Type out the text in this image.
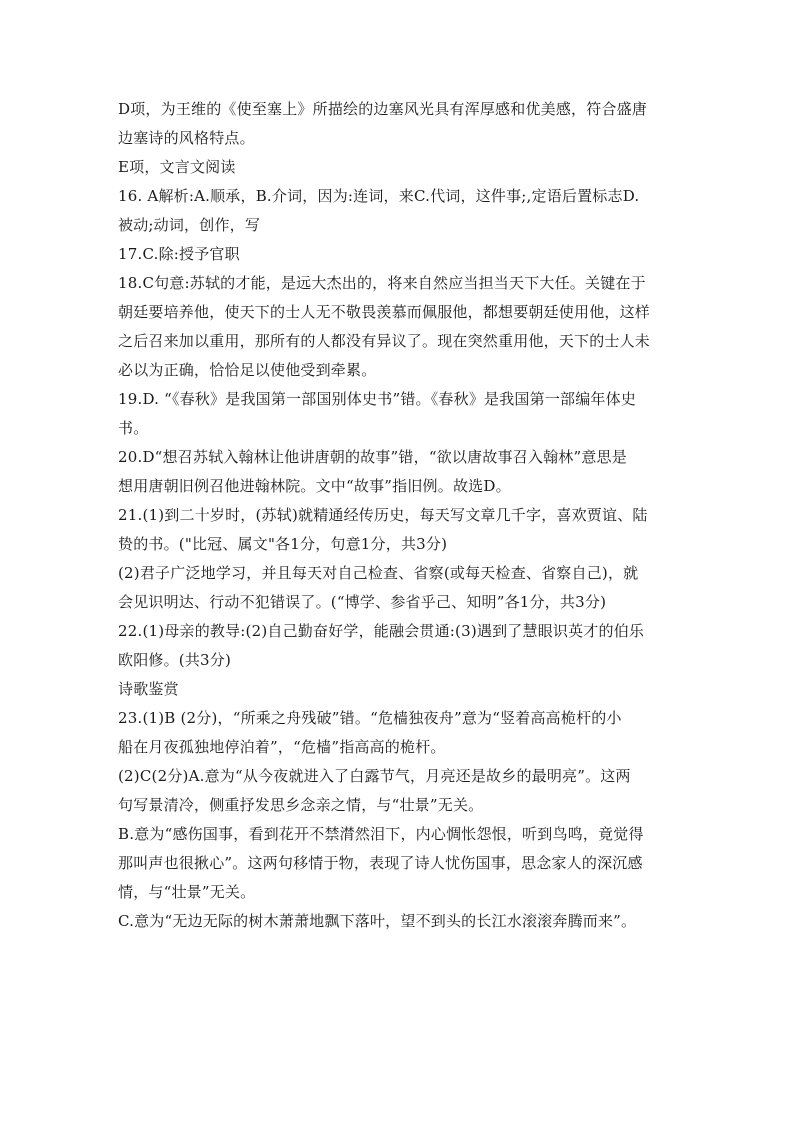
D项，为王维的《使至塞上》所描绘的边塞风光具有浑厚感和优美感，符合盛唐
边塞诗的风格特点。
E项，文言文阅读
16. A解析:A.顺承，B.介词，因为:连词，来C.代词，这件事;,定语后置标志D.
被动;动词，创作，写
17.C.除:授予官职
18.C句意:苏轼的才能，是远大杰出的，将来自然应当担当天下大任。关键在于
朝廷要培养他，使天下的士人无不敬畏羡慕而佩服他，都想要朝廷使用他，这样
之后召来加以重用，那所有的人都没有异议了。现在突然重用他，天下的士人未
必以为正确，恰恰足以使他受到牵累。
19.D. “《春秋》是我国第一部国别体史书”错。《春秋》是我国第一部编年体史
书。
20.D“想召苏轼入翰林让他讲唐朝的故事”错，“欲以唐故事召入翰林”意思是
想用唐朝旧例召他进翰林院。文中“故事”指旧例。故选D。
21.(1)到二十岁时，(苏轼)就精通经传历史，每天写文章几千字，喜欢贾谊、陆
贽的书。("比冠、属文"各1分，句意1分，共3分)
(2)君子广泛地学习，并且每天对自己检查、省察(或每天检查、省察自己)，就
会见识明达、行动不犯错误了。(“博学、参省乎己、知明”各1分，共3分)
22.(1)母亲的教导:(2)自己勤奋好学，能融会贯通:(3)遇到了慧眼识英才的伯乐
欧阳修。(共3分)
诗歌鉴赏
23.(1)B (2分)，“所乘之舟残破”错。“危樯独夜舟”意为“竖着高高桅杆的小
船在月夜孤独地停泊着”，“危樯”指高高的桅杆。
(2)C(2分)A.意为“从今夜就进入了白露节气，月亮还是故乡的最明亮”。这两
句写景清冷，侧重抒发思乡念亲之情，与“壮景”无关。
B.意为“感伤国事，看到花开不禁潸然泪下，内心惆怅怨恨，听到鸟鸣，竟觉得
那叫声也很揪心”。这两句移情于物，表现了诗人忧伤国事，思念家人的深沉感
情，与“壮景”无关。
C.意为“无边无际的树木萧萧地飘下落叶，望不到头的长江水滚滚奔腾而来”。
